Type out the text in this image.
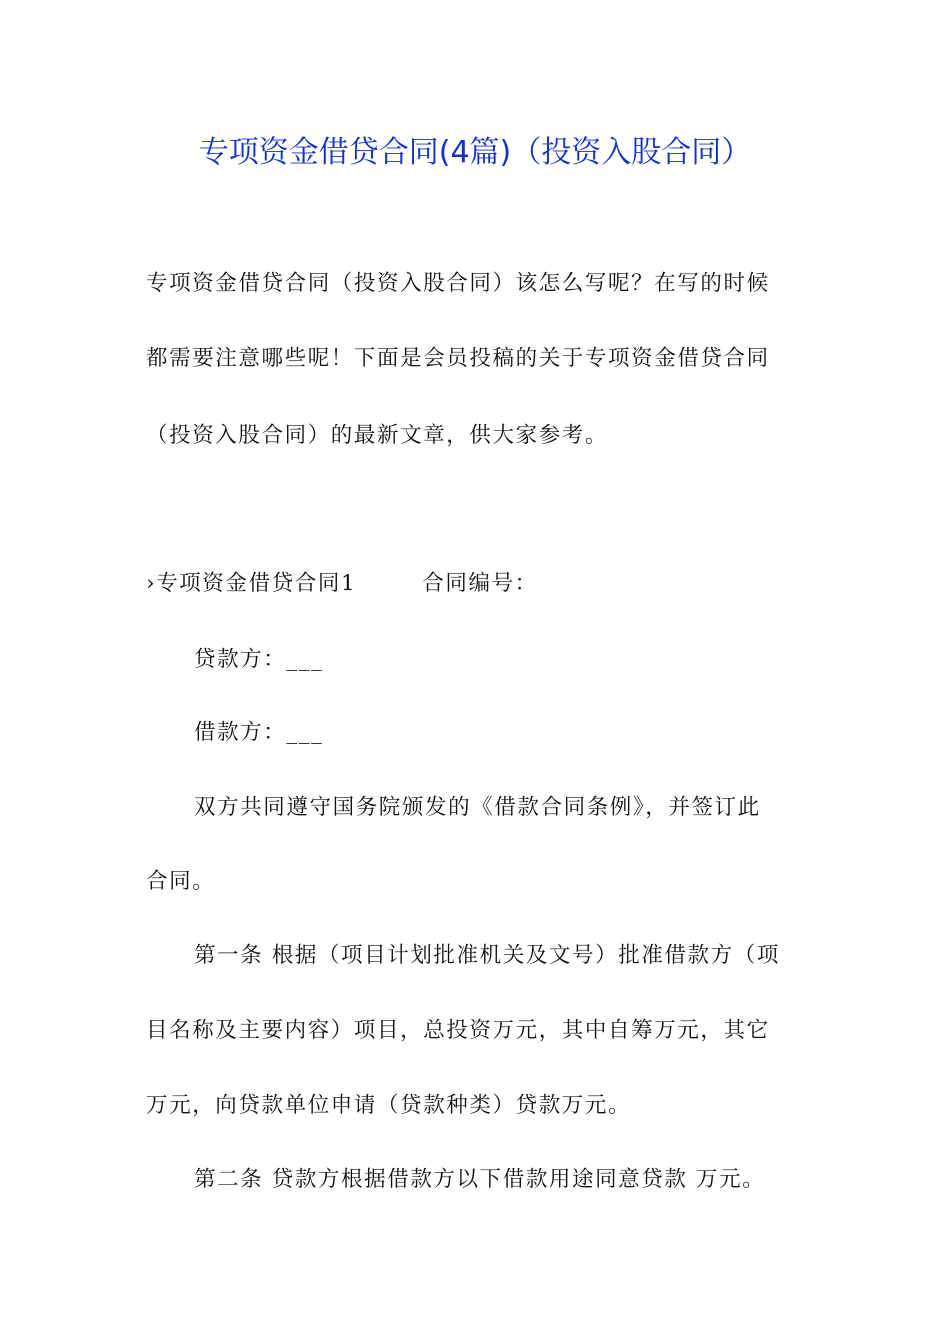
专项资金借贷合同(4篇)（投资入股合同）
专项资金借贷合同（投资入股合同）该怎么写呢？在写的时候
都需要注意哪些呢！下面是会员投稿的关于专项资金借贷合同
（投资入股合同）的最新文章，供大家参考。
›专项资金借贷合同1	合同编号：
贷款方：___
借款方：___
双方共同遵守国务院颁发的《借款合同条例》，并签订此
合同。
第一条 根据（项目计划批准机关及文号）批准借款方（项
目名称及主要内容）项目，总投资万元，其中自筹万元，其它
万元，向贷款单位申请（贷款种类）贷款万元。
第二条 贷款方根据借款方以下借款用途同意贷款 万元。
